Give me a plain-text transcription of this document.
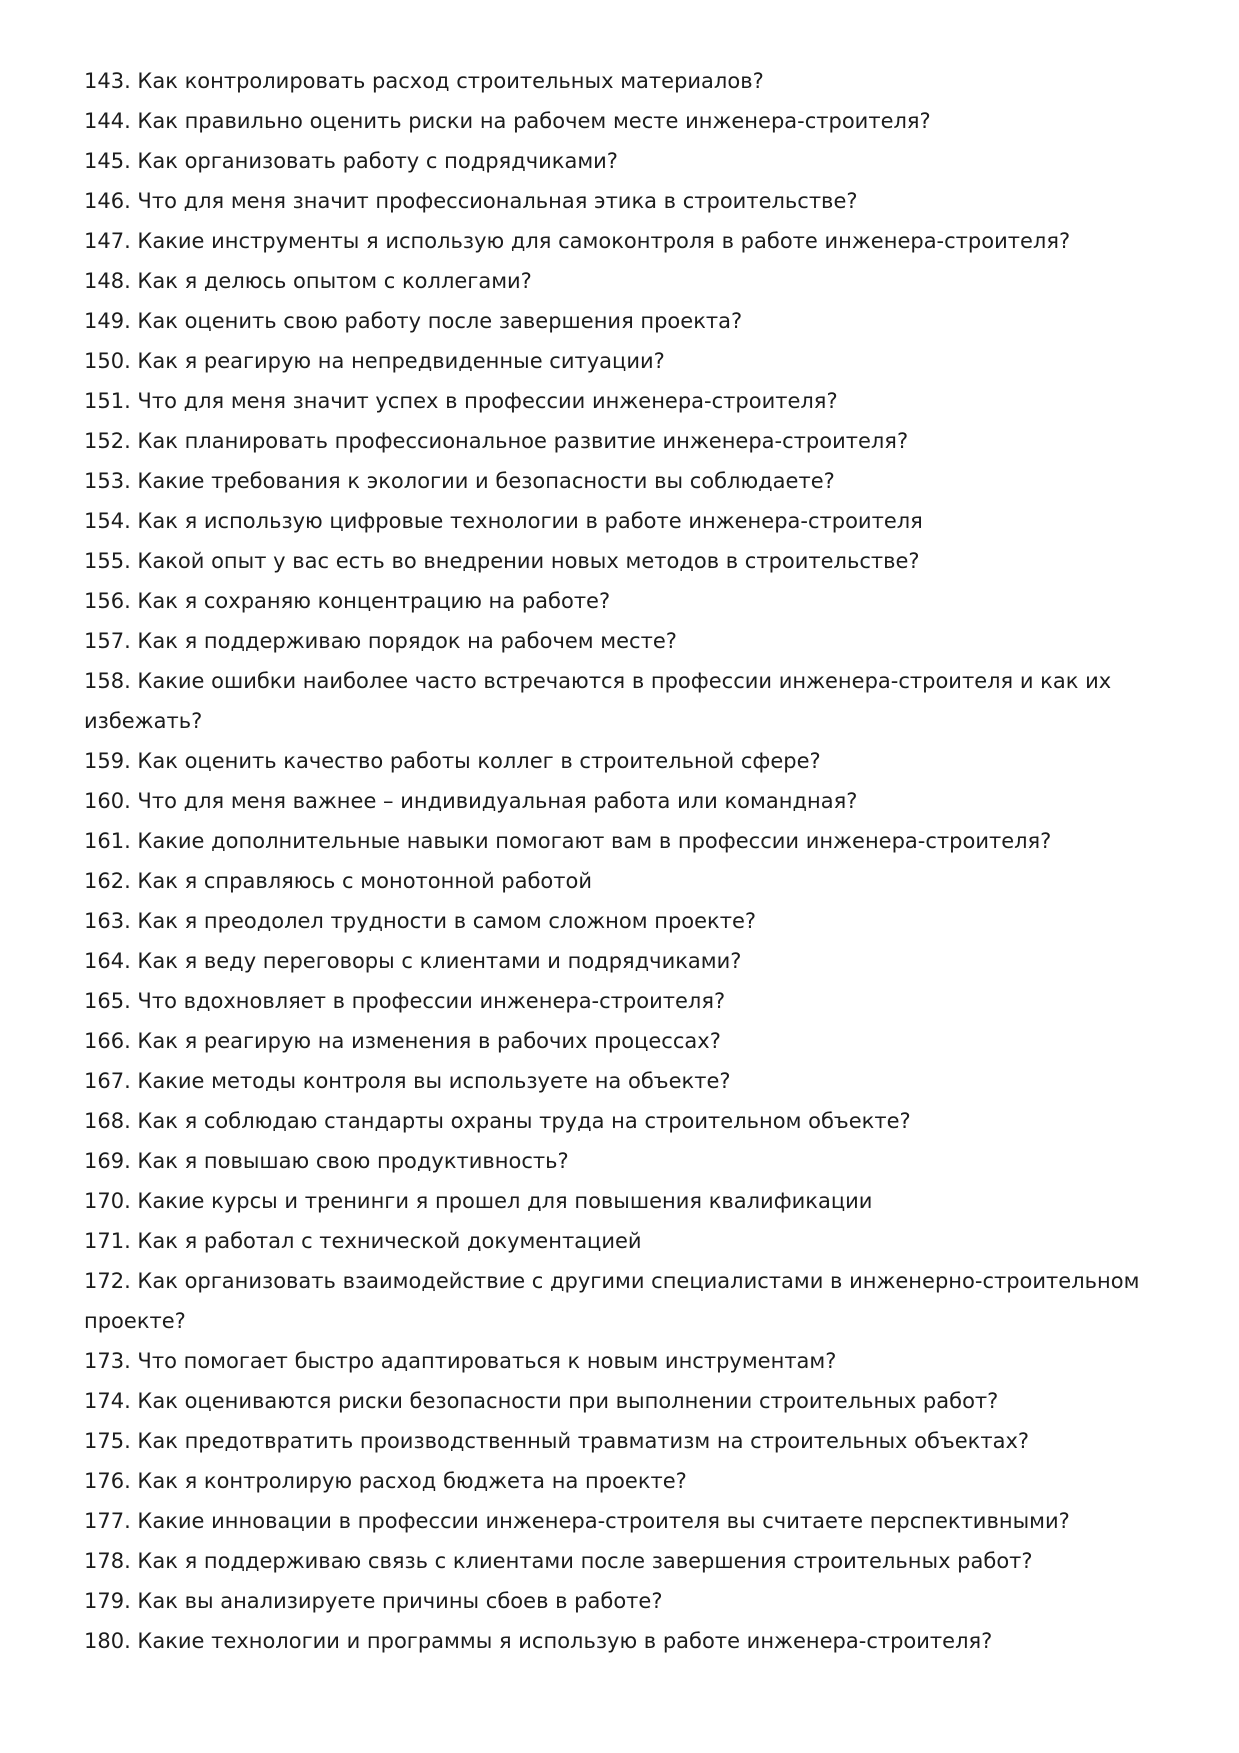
143. Как контролировать расход строительных материалов?

144. Как правильно оценить риски на рабочем месте инженера-строителя?

145. Как организовать работу с подрядчиками?

146. Что для меня значит профессиональная этика в строительстве?

147. Какие инструменты я использую для самоконтроля в работе инженера-строителя?

148. Как я делюсь опытом с коллегами?

149. Как оценить свою работу после завершения проекта?

150. Как я реагирую на непредвиденные ситуации?

151. Что для меня значит успех в профессии инженера-строителя?

152. Как планировать профессиональное развитие инженера-строителя?

153. Какие требования к экологии и безопасности вы соблюдаете?

154. Как я использую цифровые технологии в работе инженера-строителя

155. Какой опыт у вас есть во внедрении новых методов в строительстве?

156. Как я сохраняю концентрацию на работе?

157. Как я поддерживаю порядок на рабочем месте?

158. Какие ошибки наиболее часто встречаются в профессии инженера-строителя и как их избежать?

159. Как оценить качество работы коллег в строительной сфере?

160. Что для меня важнее – индивидуальная работа или командная?

161. Какие дополнительные навыки помогают вам в профессии инженера-строителя?

162. Как я справляюсь с монотонной работой

163. Как я преодолел трудности в самом сложном проекте?

164. Как я веду переговоры с клиентами и подрядчиками?

165. Что вдохновляет в профессии инженера-строителя?

166. Как я реагирую на изменения в рабочих процессах?

167. Какие методы контроля вы используете на объекте?

168. Как я соблюдаю стандарты охраны труда на строительном объекте?

169. Как я повышаю свою продуктивность?

170. Какие курсы и тренинги я прошел для повышения квалификации

171. Как я работал с технической документацией

172. Как организовать взаимодействие с другими специалистами в инженерно-строительном проекте?

173. Что помогает быстро адаптироваться к новым инструментам?

174. Как оцениваются риски безопасности при выполнении строительных работ?

175. Как предотвратить производственный травматизм на строительных объектах?

176. Как я контролирую расход бюджета на проекте?

177. Какие инновации в профессии инженера-строителя вы считаете перспективными?

178. Как я поддерживаю связь с клиентами после завершения строительных работ?

179. Как вы анализируете причины сбоев в работе?

180. Какие технологии и программы я использую в работе инженера-строителя?
